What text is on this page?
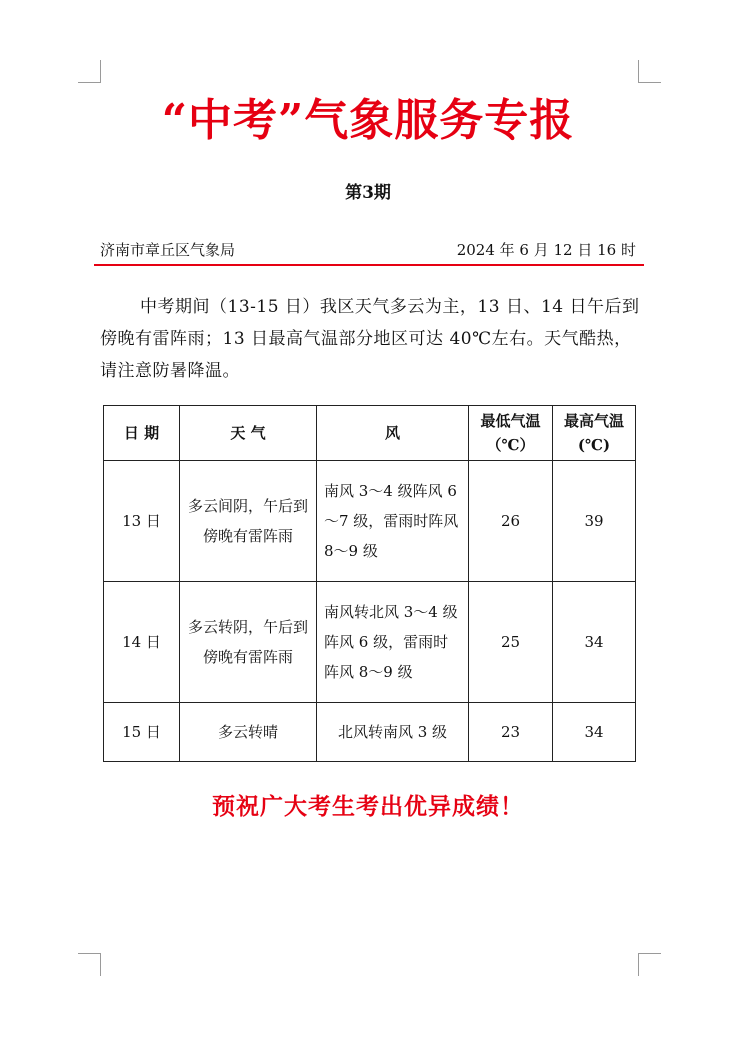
“中考”气象服务专报
第3期
济南市章丘区气象局	2024 年 6 月 12 日 16 时

中考期间（13-15 日）我区天气多云为主，13 日、14 日午后到傍晚有雷阵雨；13 日最高气温部分地区可达 40℃左右。天气酷热，请注意防暑降温。

日 期	天 气	风	最低气温（℃）	最高气温(℃)
13 日	多云间阴，午后到傍晚有雷阵雨	南风 3～4 级阵风 6～7 级，雷雨时阵风 8～9 级	26	39
14 日	多云转阴，午后到傍晚有雷阵雨	南风转北风 3～4 级阵风 6 级，雷雨时阵风 8～9 级	25	34
15 日	多云转晴	北风转南风 3 级	23	34
预祝广大考生考出优异成绩！
